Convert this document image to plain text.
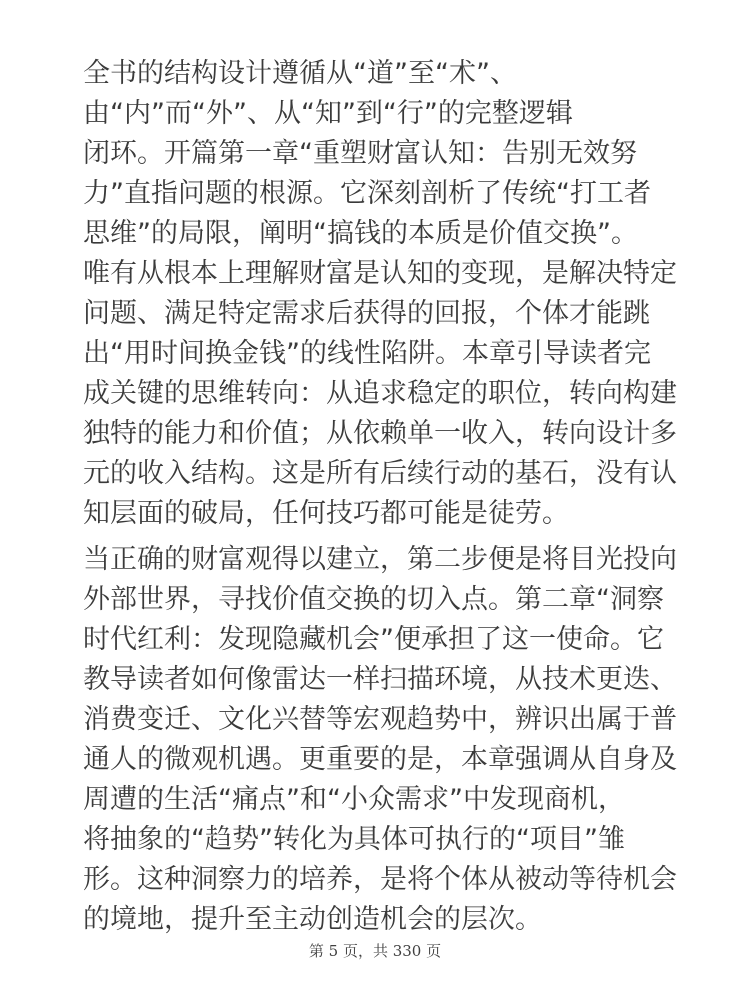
全书的结构设计遵循从“道”至“术”、
由“内”而“外”、从“知”到“行”的完整逻辑
闭环。开篇第一章“重塑财富认知：告别无效努
力”直指问题的根源。它深刻剖析了传统“打工者
思维”的局限，阐明“搞钱的本质是价值交换”。
唯有从根本上理解财富是认知的变现，是解决特定
问题、满足特定需求后获得的回报，个体才能跳
出“用时间换金钱”的线性陷阱。本章引导读者完
成关键的思维转向：从追求稳定的职位，转向构建
独特的能力和价值；从依赖单一收入，转向设计多
元的收入结构。这是所有后续行动的基石，没有认
知层面的破局，任何技巧都可能是徒劳。
当正确的财富观得以建立，第二步便是将目光投向
外部世界，寻找价值交换的切入点。第二章“洞察
时代红利：发现隐藏机会”便承担了这一使命。它
教导读者如何像雷达一样扫描环境，从技术更迭、
消费变迁、文化兴替等宏观趋势中，辨识出属于普
通人的微观机遇。更重要的是，本章强调从自身及
周遭的生活“痛点”和“小众需求”中发现商机，
将抽象的“趋势”转化为具体可执行的“项目”雏
形。这种洞察力的培养，是将个体从被动等待机会
的境地，提升至主动创造机会的层次。
第 5 页，共 330 页
